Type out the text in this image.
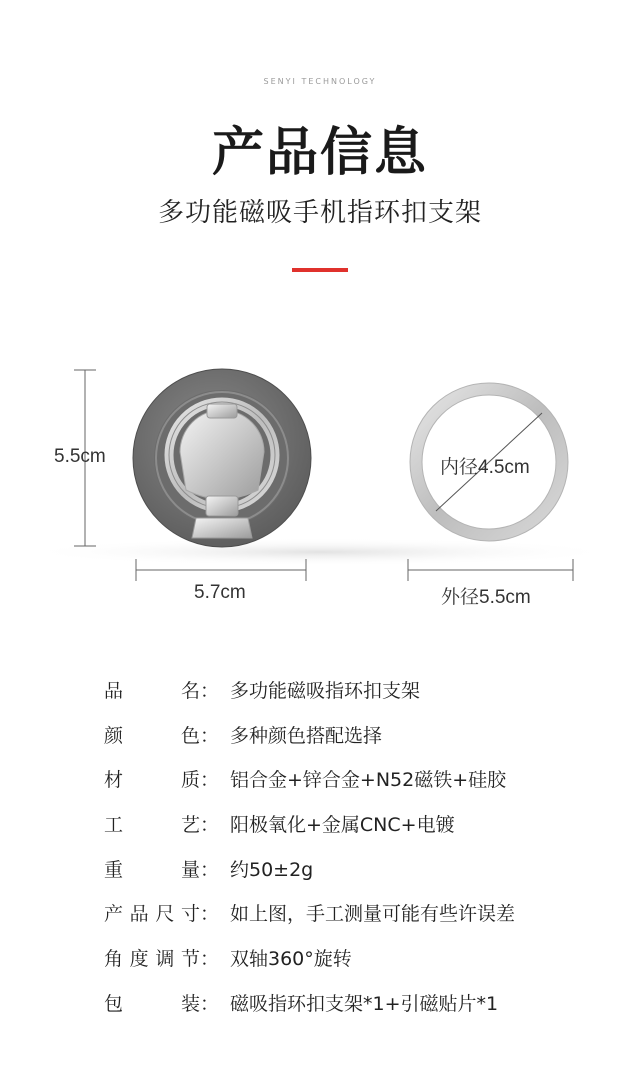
SENYI TECHNOLOGY
产品信息
多功能磁吸手机指环扣支架
5.5cm
5.7cm
内径4.5cm
外径5.5cm
品	名 ： 多功能磁吸指环扣支架
颜	色 ： 多种颜色搭配选择
材	质 ： 铝合金+锌合金+N52磁铁+硅胶
工	艺 ： 阳极氧化+金属CNC+电镀
重	量 ： 约50±2g
产 品 尺 寸 ： 如上图，手工测量可能有些许误差
角 度 调 节 ： 双轴360°旋转
包	装 ： 磁吸指环扣支架*1+引磁贴片*1
